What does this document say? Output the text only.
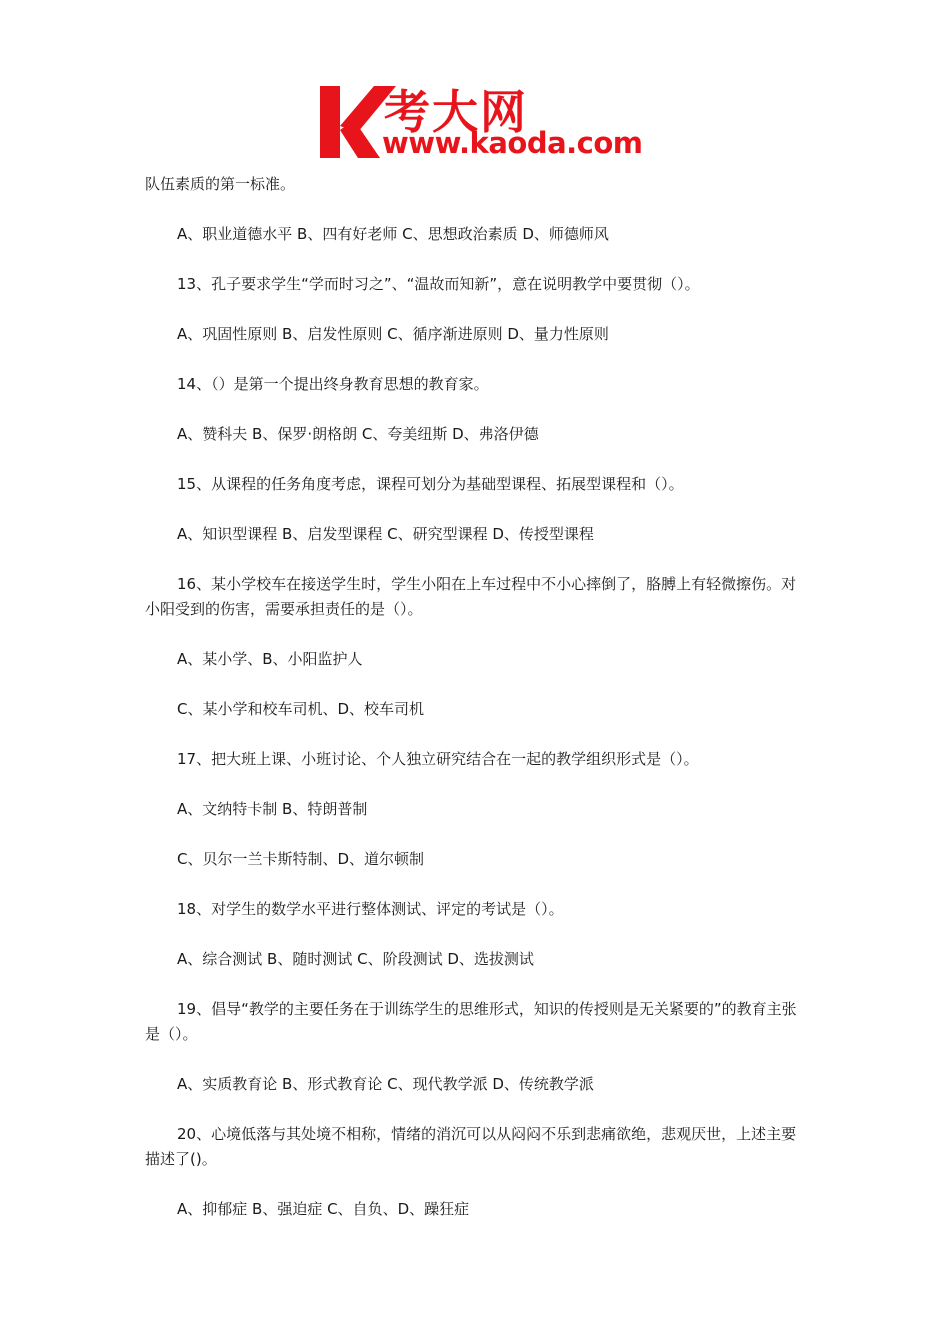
考大网
www.kaoda.com

队伍素质的第一标准。

A、职业道德水平 B、四有好老师 C、思想政治素质 D、师德师风

13、孔子要求学生“学而时习之”、“温故而知新”，意在说明教学中要贯彻（）。

A、巩固性原则 B、启发性原则 C、循序渐进原则 D、量力性原则

14、（）是第一个提出终身教育思想的教育家。

A、赞科夫 B、保罗·朗格朗 C、夸美纽斯 D、弗洛伊德

15、从课程的任务角度考虑，课程可划分为基础型课程、拓展型课程和（）。

A、知识型课程 B、启发型课程 C、研究型课程 D、传授型课程

16、某小学校车在接送学生时，学生小阳在上车过程中不小心摔倒了，胳膊上有轻微擦伤。对小阳受到的伤害，需要承担责任的是（）。

A、某小学、B、小阳监护人

C、某小学和校车司机、D、校车司机

17、把大班上课、小班讨论、个人独立研究结合在一起的教学组织形式是（）。

A、文纳特卡制 B、特朗普制

C、贝尔一兰卡斯特制、D、道尔顿制

18、对学生的数学水平进行整体测试、评定的考试是（）。

A、综合测试 B、随时测试 C、阶段测试 D、选拔测试

19、倡导“教学的主要任务在于训练学生的思维形式，知识的传授则是无关紧要的”的教育主张是（）。

A、实质教育论 B、形式教育论 C、现代教学派 D、传统教学派

20、心境低落与其处境不相称，情绪的消沉可以从闷闷不乐到悲痛欲绝，悲观厌世，上述主要描述了()。

A、抑郁症 B、强迫症 C、自负、D、躁狂症
